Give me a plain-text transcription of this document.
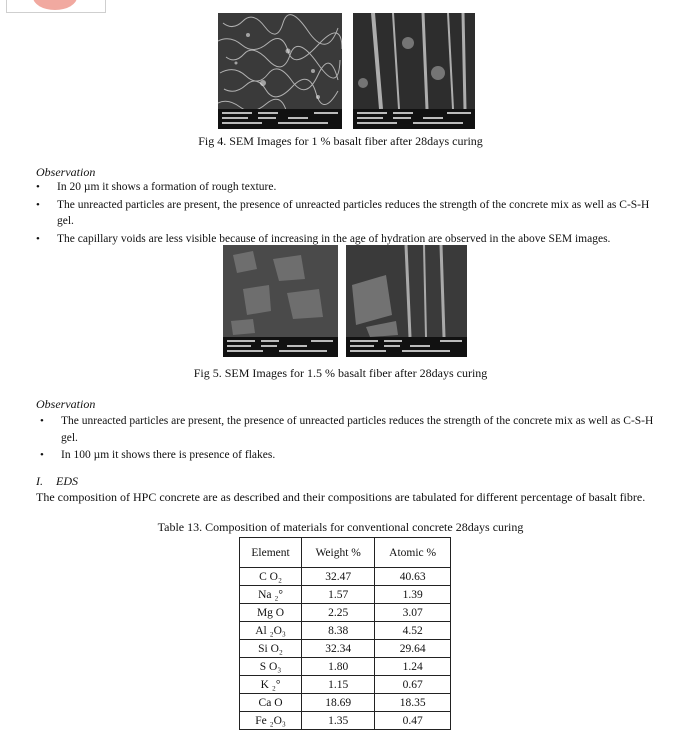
Fig 4. SEM Images for 1 % basalt fiber after 28days curing
Observation
• In 20 µm it shows a formation of rough texture.
• The unreacted particles are present, the presence of unreacted particles reduces the strength of the concrete mix as well as C-S-H gel.
• The capillary voids are less visible because of increasing in the age of hydration are observed in the above SEM images.
Fig 5. SEM Images for 1.5 % basalt fiber after 28days curing
Observation
• The unreacted particles are present, the presence of unreacted particles reduces the strength of the concrete mix as well as C-S-H gel.
• In 100 µm it shows there is presence of flakes.
I. EDS
The composition of HPC concrete are as described and their compositions are tabulated for different percentage of basalt fibre.
Table 13. Composition of materials for conventional concrete 28days curing
Element	Weight %	Atomic %
C O₂	32.47	40.63
Na ₂°	1.57	1.39
Mg O	2.25	3.07
Al ₂O₃	8.38	4.52
Si O₂	32.34	29.64
S O₃	1.80	1.24
K ₂°	1.15	0.67
Ca O	18.69	18.35
Fe ₂O₃	1.35	0.47
